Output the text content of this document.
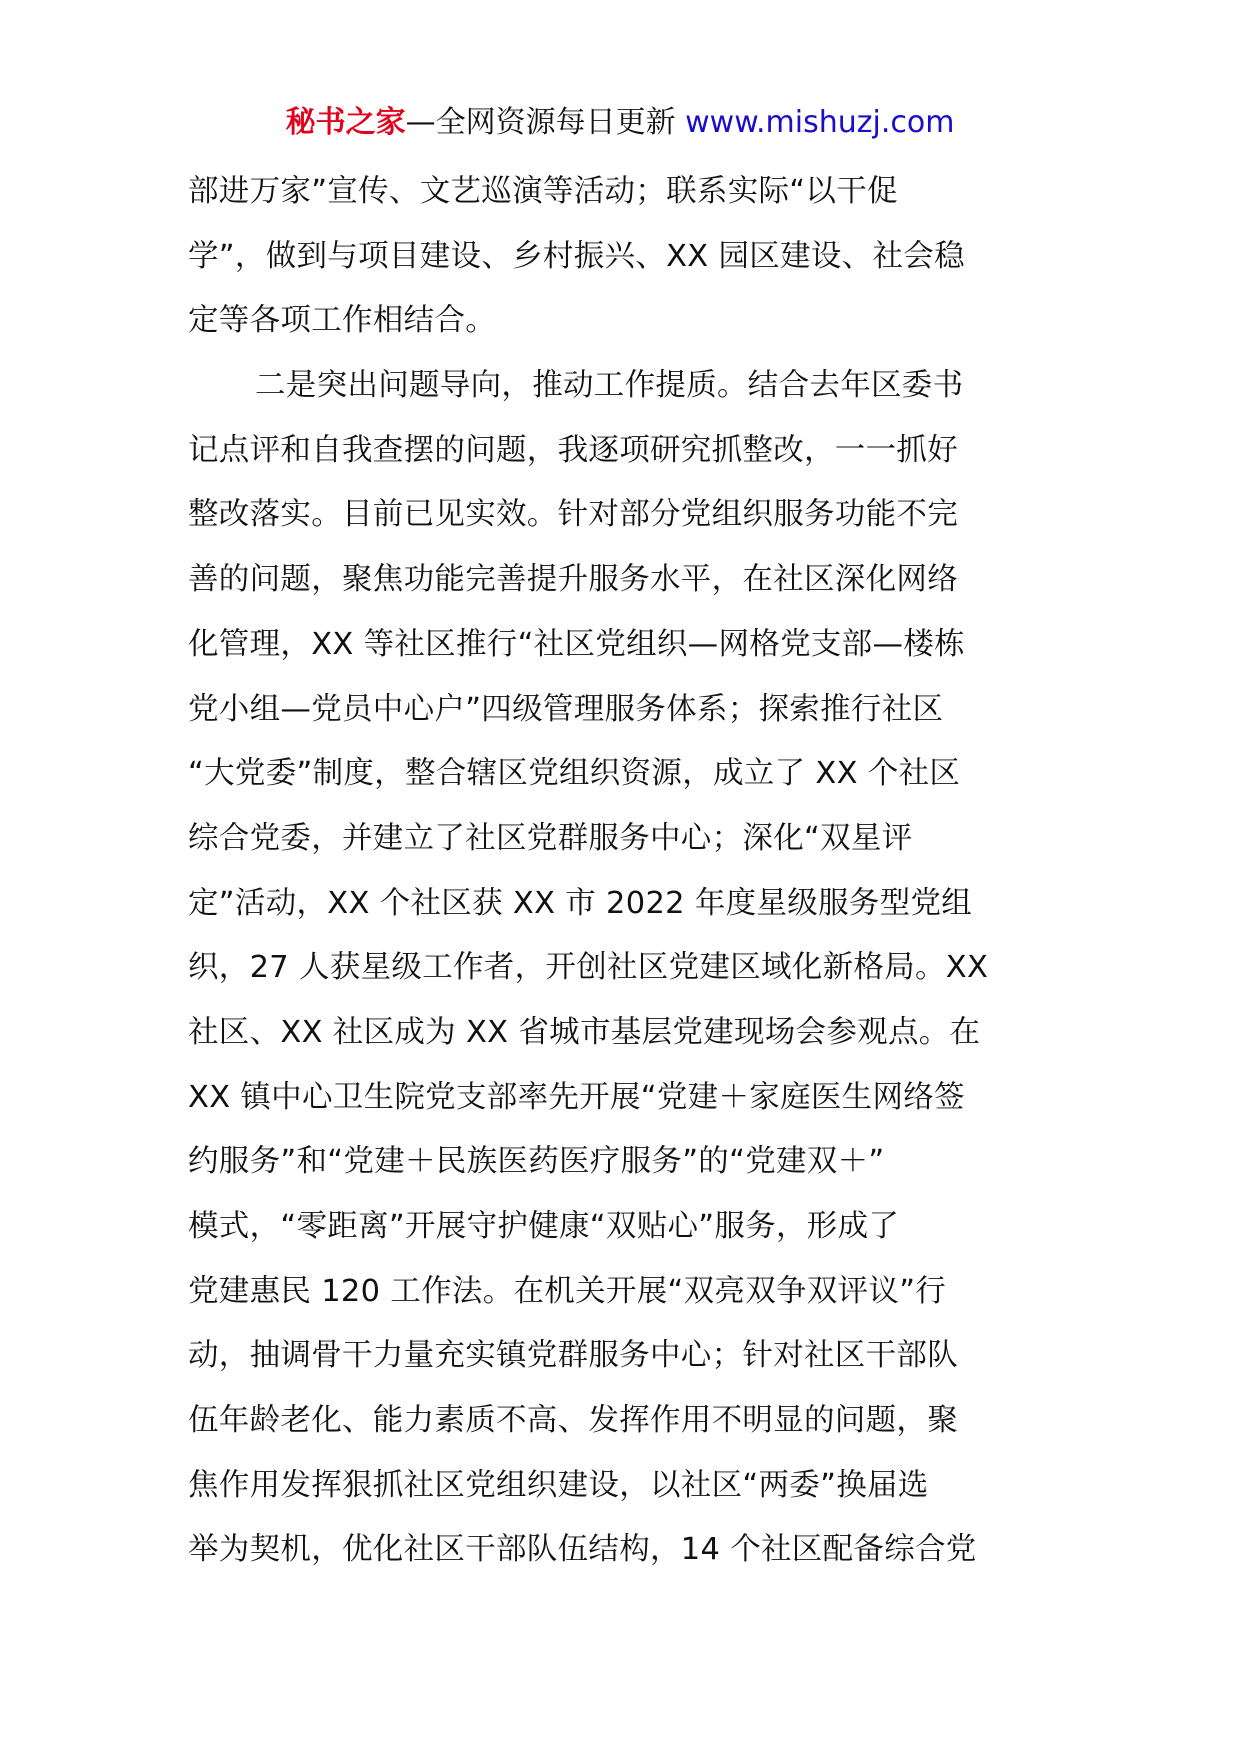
秘书之家—全网资源每日更新 www.mishuzj.com
部进万家”宣传、文艺巡演等活动；联系实际“以干促
学”，做到与项目建设、乡村振兴、XX 园区建设、社会稳
定等各项工作相结合。
二是突出问题导向，推动工作提质。结合去年区委书
记点评和自我查摆的问题，我逐项研究抓整改，一一抓好
整改落实。目前已见实效。针对部分党组织服务功能不完
善的问题，聚焦功能完善提升服务水平，在社区深化网络
化管理，XX 等社区推行“社区党组织—网格党支部—楼栋
党小组—党员中心户”四级管理服务体系；探索推行社区
“大党委”制度，整合辖区党组织资源，成立了 XX 个社区
综合党委，并建立了社区党群服务中心；深化“双星评
定”活动，XX 个社区获 XX 市 2022 年度星级服务型党组
织，27 人获星级工作者，开创社区党建区域化新格局。XX
社区、XX 社区成为 XX 省城市基层党建现场会参观点。在
XX 镇中心卫生院党支部率先开展“党建＋家庭医生网络签
约服务”和“党建＋民族医药医疗服务”的“党建双＋”
模式，“零距离”开展守护健康“双贴心”服务，形成了
党建惠民 120 工作法。在机关开展“双亮双争双评议”行
动，抽调骨干力量充实镇党群服务中心；针对社区干部队
伍年龄老化、能力素质不高、发挥作用不明显的问题，聚
焦作用发挥狠抓社区党组织建设，以社区“两委”换届选
举为契机，优化社区干部队伍结构，14 个社区配备综合党
